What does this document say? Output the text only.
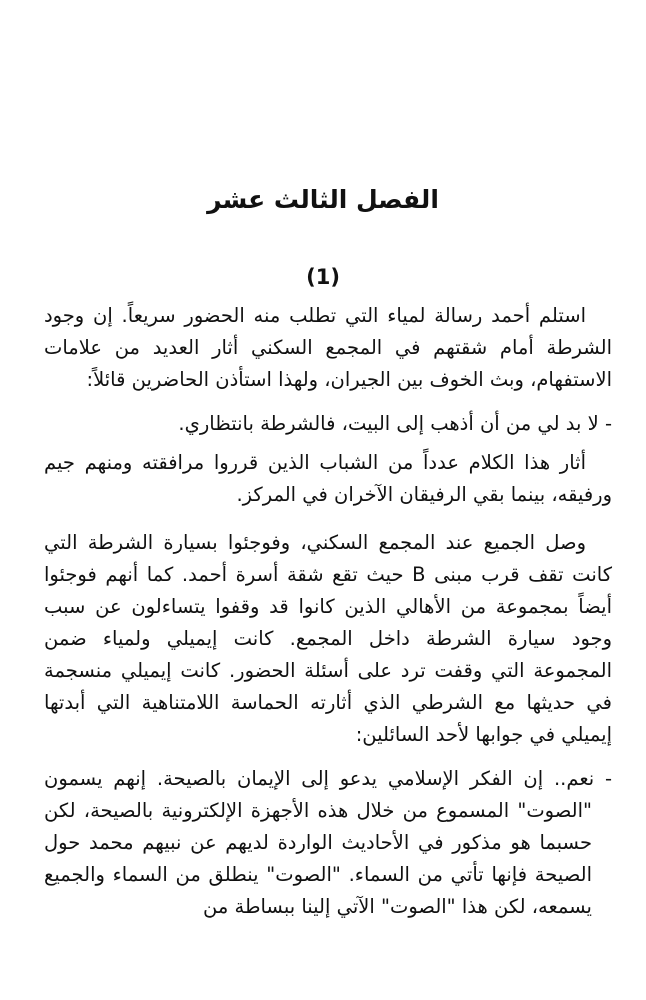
الفصل الثالث عشر
(1)

استلم أحمد رسالة لمياء التي تطلب منه الحضور سريعاً. إن وجود الشرطة أمام شقتهم في المجمع السكني أثار العديد من علامات الاستفهام، وبث الخوف بين الجيران، ولهذا استأذن الحاضرين قائلاً:

- لا بد لي من أن أذهب إلى البيت، فالشرطة بانتظاري.

أثار هذا الكلام عدداً من الشباب الذين قرروا مرافقته ومنهم جيم ورفيقه، بينما بقي الرفيقان الآخران في المركز.

وصل الجميع عند المجمع السكني، وفوجئوا بسيارة الشرطة التي كانت تقف قرب مبنى B حيث تقع شقة أسرة أحمد. كما أنهم فوجئوا أيضاً بمجموعة من الأهالي الذين كانوا قد وقفوا يتساءلون عن سبب وجود سيارة الشرطة داخل المجمع. كانت إيميلي ولمياء ضمن المجموعة التي وقفت ترد على أسئلة الحضور. كانت إيميلي منسجمة في حديثها مع الشرطي الذي أثارته الحماسة اللامتناهية التي أبدتها إيميلي في جوابها لأحد السائلين:

- نعم.. إن الفكر الإسلامي يدعو إلى الإيمان بالصيحة. إنهم يسمون "الصوت" المسموع من خلال هذه الأجهزة الإلكترونية بالصيحة، لكن حسبما هو مذكور في الأحاديث الواردة لديهم عن نبيهم محمد حول الصيحة فإنها تأتي من السماء. "الصوت" ينطلق من السماء والجميع يسمعه، لكن هذا "الصوت" الآتي إلينا ببساطة من
